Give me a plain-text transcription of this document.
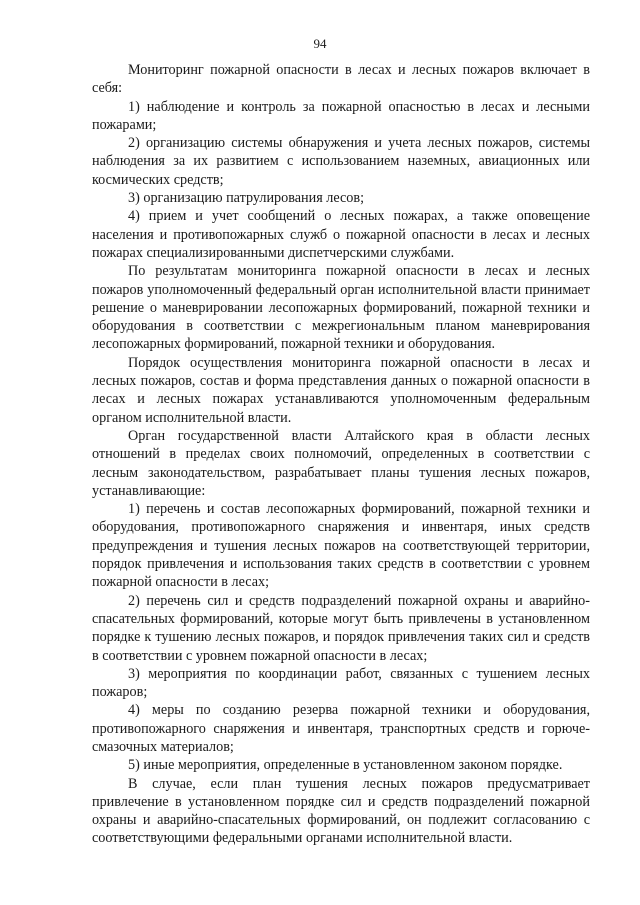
94

Мониторинг пожарной опасности в лесах и лесных пожаров включает в себя:

1) наблюдение и контроль за пожарной опасностью в лесах и лесными пожарами;

2) организацию системы обнаружения и учета лесных пожаров, системы наблюдения за их развитием с использованием наземных, авиационных или космических средств;

3) организацию патрулирования лесов;

4) прием и учет сообщений о лесных пожарах, а также оповещение населения и противопожарных служб о пожарной опасности в лесах и лесных пожарах специализированными диспетчерскими службами.

По результатам мониторинга пожарной опасности в лесах и лесных пожаров уполномоченный федеральный орган исполнительной власти принимает решение о маневрировании лесопожарных формирований, пожарной техники и оборудования в соответствии с межрегиональным планом маневрирования лесопожарных формирований, пожарной техники и оборудования.

Порядок осуществления мониторинга пожарной опасности в лесах и лесных пожаров, состав и форма представления данных о пожарной опасности в лесах и лесных пожарах устанавливаются уполномоченным федеральным органом исполнительной власти.

Орган государственной власти Алтайского края в области лесных отношений в пределах своих полномочий, определенных в соответствии с лесным законодательством, разрабатывает планы тушения лесных пожаров, устанавливающие:

1) перечень и состав лесопожарных формирований, пожарной техники и оборудования, противопожарного снаряжения и инвентаря, иных средств предупреждения и тушения лесных пожаров на соответствующей территории, порядок привлечения и использования таких средств в соответствии с уровнем пожарной опасности в лесах;

2) перечень сил и средств подразделений пожарной охраны и аварийно-спасательных формирований, которые могут быть привлечены в установленном порядке к тушению лесных пожаров, и порядок привлечения таких сил и средств в соответствии с уровнем пожарной опасности в лесах;

3) мероприятия по координации работ, связанных с тушением лесных пожаров;

4) меры по созданию резерва пожарной техники и оборудования, противопожарного снаряжения и инвентаря, транспортных средств и горюче-смазочных материалов;

5) иные мероприятия, определенные в установленном законом порядке.

В случае, если план тушения лесных пожаров предусматривает привлечение в установленном порядке сил и средств подразделений пожарной охраны и аварийно-спасательных формирований, он подлежит согласованию с соответствующими федеральными органами исполнительной власти.
